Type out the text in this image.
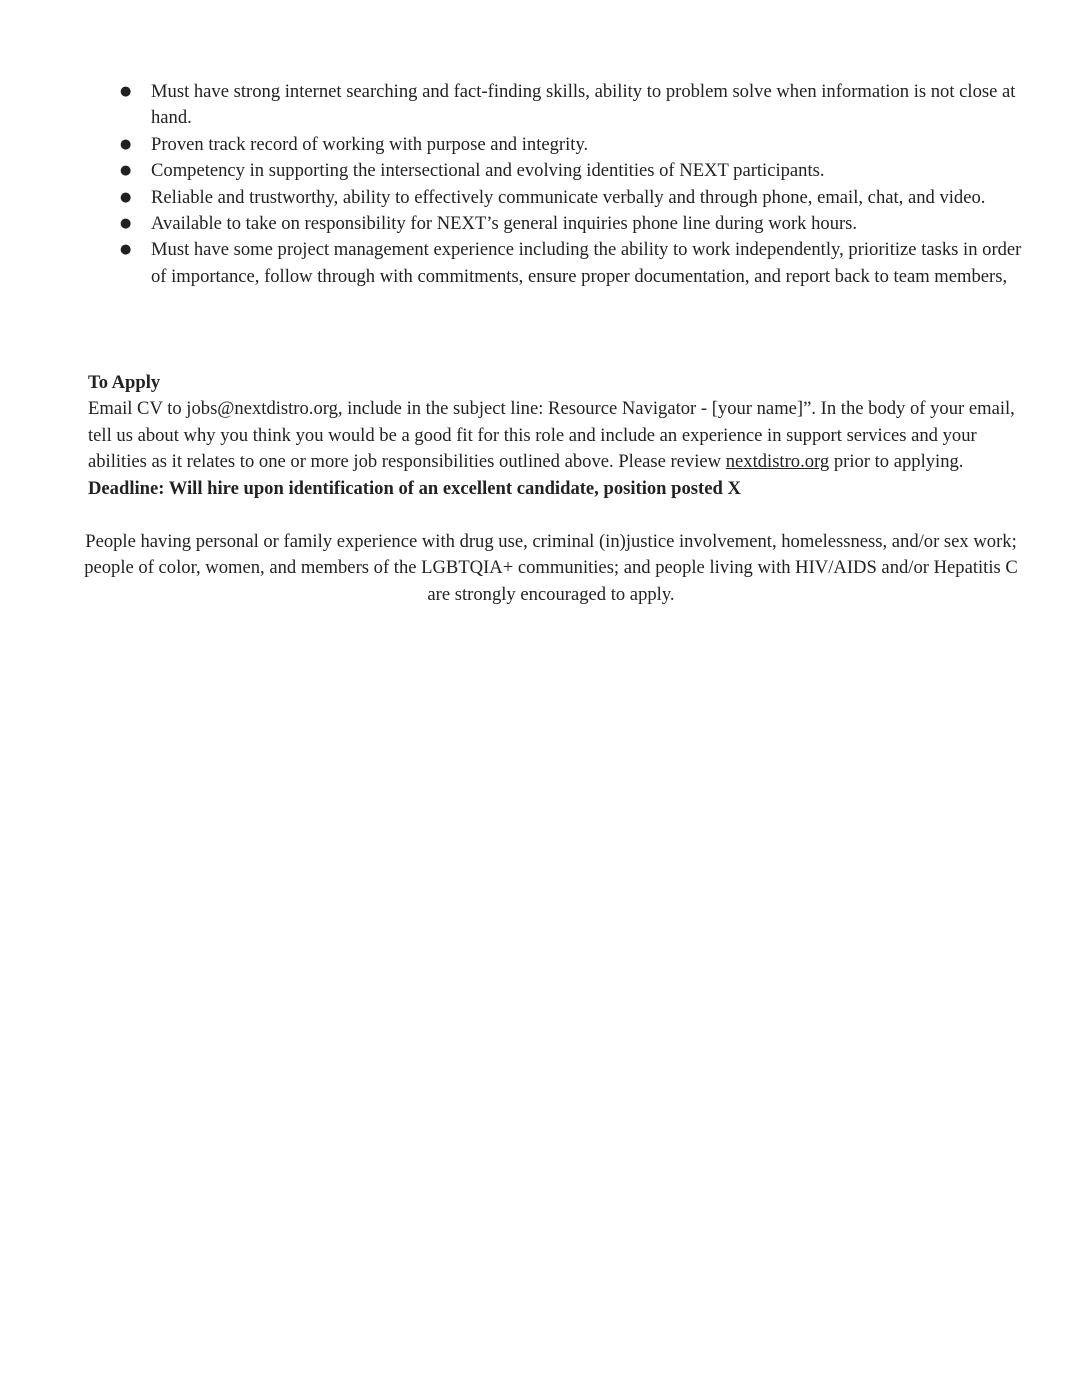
● Must have strong internet searching and fact-finding skills, ability to problem solve when information is not close at hand.
● Proven track record of working with purpose and integrity.
● Competency in supporting the intersectional and evolving identities of NEXT participants.
● Reliable and trustworthy, ability to effectively communicate verbally and through phone, email, chat, and video.
● Available to take on responsibility for NEXT’s general inquiries phone line during work hours.
● Must have some project management experience including the ability to work independently, prioritize tasks in order of importance, follow through with commitments, ensure proper documentation, and report back to team members,

To Apply

Email CV to jobs@nextdistro.org, include in the subject line: Resource Navigator - [your name]”. In the body of your email, tell us about why you think you would be a good fit for this role and include an experience in support services and your abilities as it relates to one or more job responsibilities outlined above. Please review nextdistro.org prior to applying. Deadline: Will hire upon identification of an excellent candidate, position posted X

People having personal or family experience with drug use, criminal (in)justice involvement, homelessness, and/or sex work; people of color, women, and members of the LGBTQIA+ communities; and people living with HIV/AIDS and/or Hepatitis C are strongly encouraged to apply.
